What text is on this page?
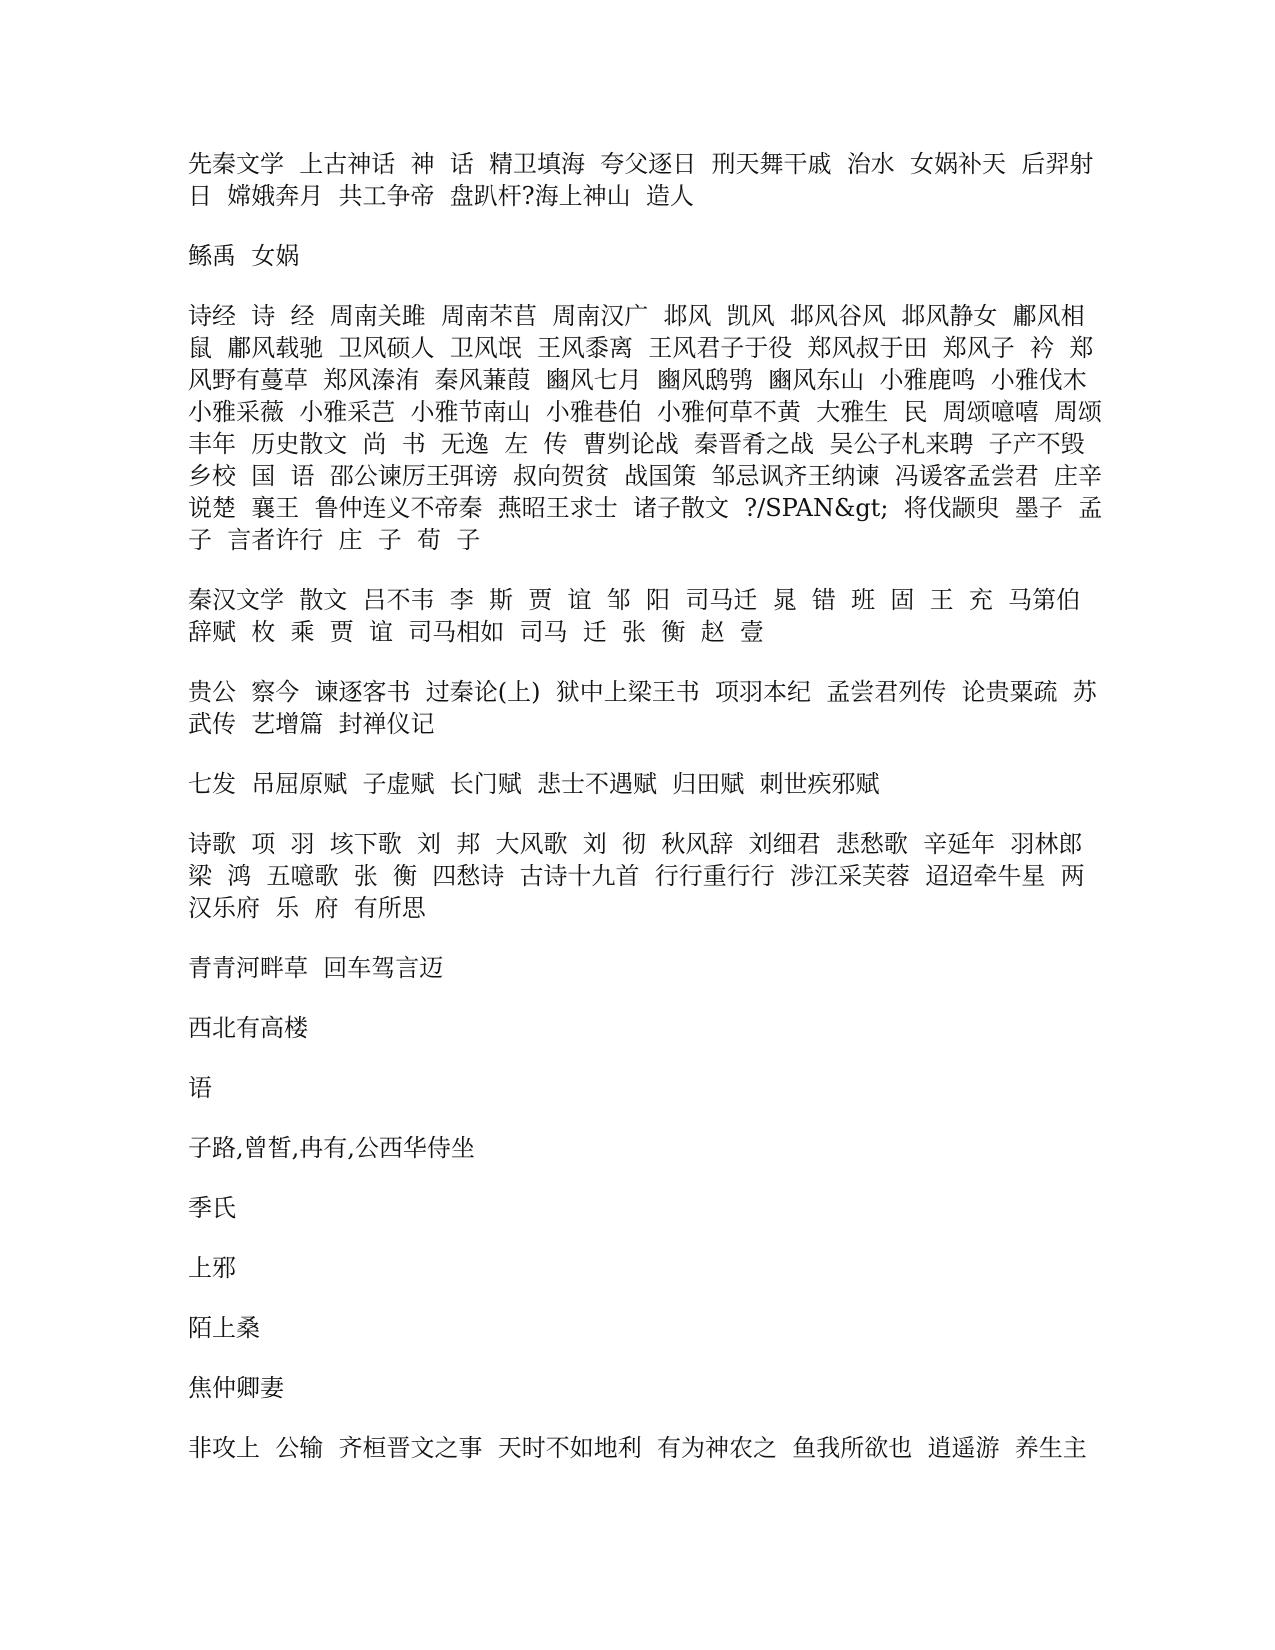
先秦文学  上古神话  神  话  精卫填海  夸父逐日  刑天舞干戚  治水  女娲补天  后羿射日  嫦娥奔月  共工争帝  盘趴杆?海上神山  造人

鲧禹  女娲

诗经  诗  经  周南关雎  周南芣苢  周南汉广  邶风  凯风  邶风谷风  邶风静女  鄘风相鼠  鄘风载驰  卫风硕人  卫风氓  王风黍离  王风君子于役  郑风叔于田  郑风子  衿  郑风野有蔓草  郑风溱洧  秦风蒹葭  豳风七月  豳风鸱鸮  豳风东山  小雅鹿鸣  小雅伐木  小雅采薇  小雅采芑  小雅节南山  小雅巷伯  小雅何草不黄  大雅生  民  周颂噫嘻  周颂丰年  历史散文  尚  书  无逸  左  传  曹刿论战  秦晋肴之战  吴公子札来聘  子产不毁乡校  国  语  邵公谏厉王弭谤  叔向贺贫  战国策  邹忌讽齐王纳谏  冯谖客孟尝君  庄辛说楚  襄王  鲁仲连义不帝秦  燕昭王求士  诸子散文  ?/SPAN&gt;  将伐颛臾  墨子  孟  子  言者许行  庄  子  荀  子

秦汉文学  散文  吕不韦  李  斯  贾  谊  邹  阳  司马迁  晁  错  班  固  王  充  马第伯  辞赋  枚  乘  贾  谊  司马相如  司马  迁  张  衡  赵  壹

贵公  察今  谏逐客书  过秦论(上)  狱中上梁王书  项羽本纪  孟尝君列传  论贵粟疏  苏武传  艺增篇  封禅仪记

七发  吊屈原赋  子虚赋  长门赋  悲士不遇赋  归田赋  刺世疾邪赋

诗歌  项  羽  垓下歌  刘  邦  大风歌  刘  彻  秋风辞  刘细君  悲愁歌  辛延年  羽林郎  梁  鸿  五噫歌  张  衡  四愁诗  古诗十九首  行行重行行  涉江采芙蓉  迢迢牵牛星  两汉乐府  乐  府  有所思

青青河畔草  回车驾言迈

西北有高楼

语

子路,曾皙,冉有,公西华侍坐

季氏

上邪

陌上桑

焦仲卿妻

非攻上  公输  齐桓晋文之事  天时不如地利  有为神农之  鱼我所欲也  逍遥游  养生主
